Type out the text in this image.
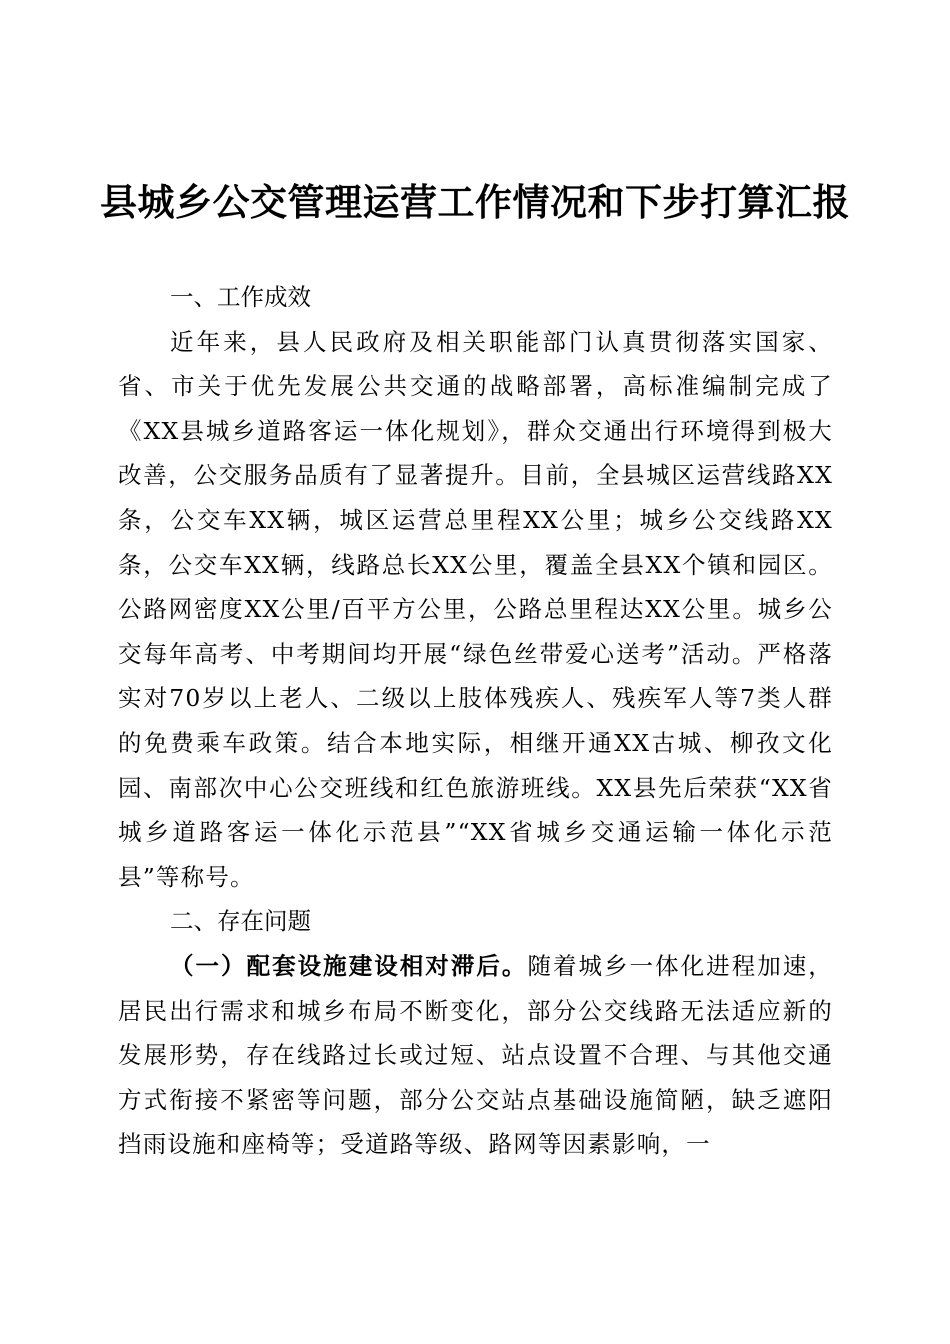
县城乡公交管理运营工作情况和下步打算汇报
一、工作成效

近年来，县人民政府及相关职能部门认真贯彻落实国家、省、市关于优先发展公共交通的战略部署，高标准编制完成了《XX县城乡道路客运一体化规划》，群众交通出行环境得到极大改善，公交服务品质有了显著提升。目前，全县城区运营线路XX条，公交车XX辆，城区运营总里程XX公里；城乡公交线路XX条，公交车XX辆，线路总长XX公里，覆盖全县XX个镇和园区。公路网密度XX公里/百平方公里，公路总里程达XX公里。城乡公交每年高考、中考期间均开展“绿色丝带爱心送考”活动。严格落实对70岁以上老人、二级以上肢体残疾人、残疾军人等7类人群的免费乘车政策。结合本地实际，相继开通XX古城、柳孜文化园、南部次中心公交班线和红色旅游班线。XX县先后荣获“XX省城乡道路客运一体化示范县”“XX省城乡交通运输一体化示范县”等称号。

二、存在问题

（一）配套设施建设相对滞后。随着城乡一体化进程加速，居民出行需求和城乡布局不断变化，部分公交线路无法适应新的发展形势，存在线路过长或过短、站点设置不合理、与其他交通方式衔接不紧密等问题，部分公交站点基础设施简陋，缺乏遮阳挡雨设施和座椅等；受道路等级、路网等因素影响，一
